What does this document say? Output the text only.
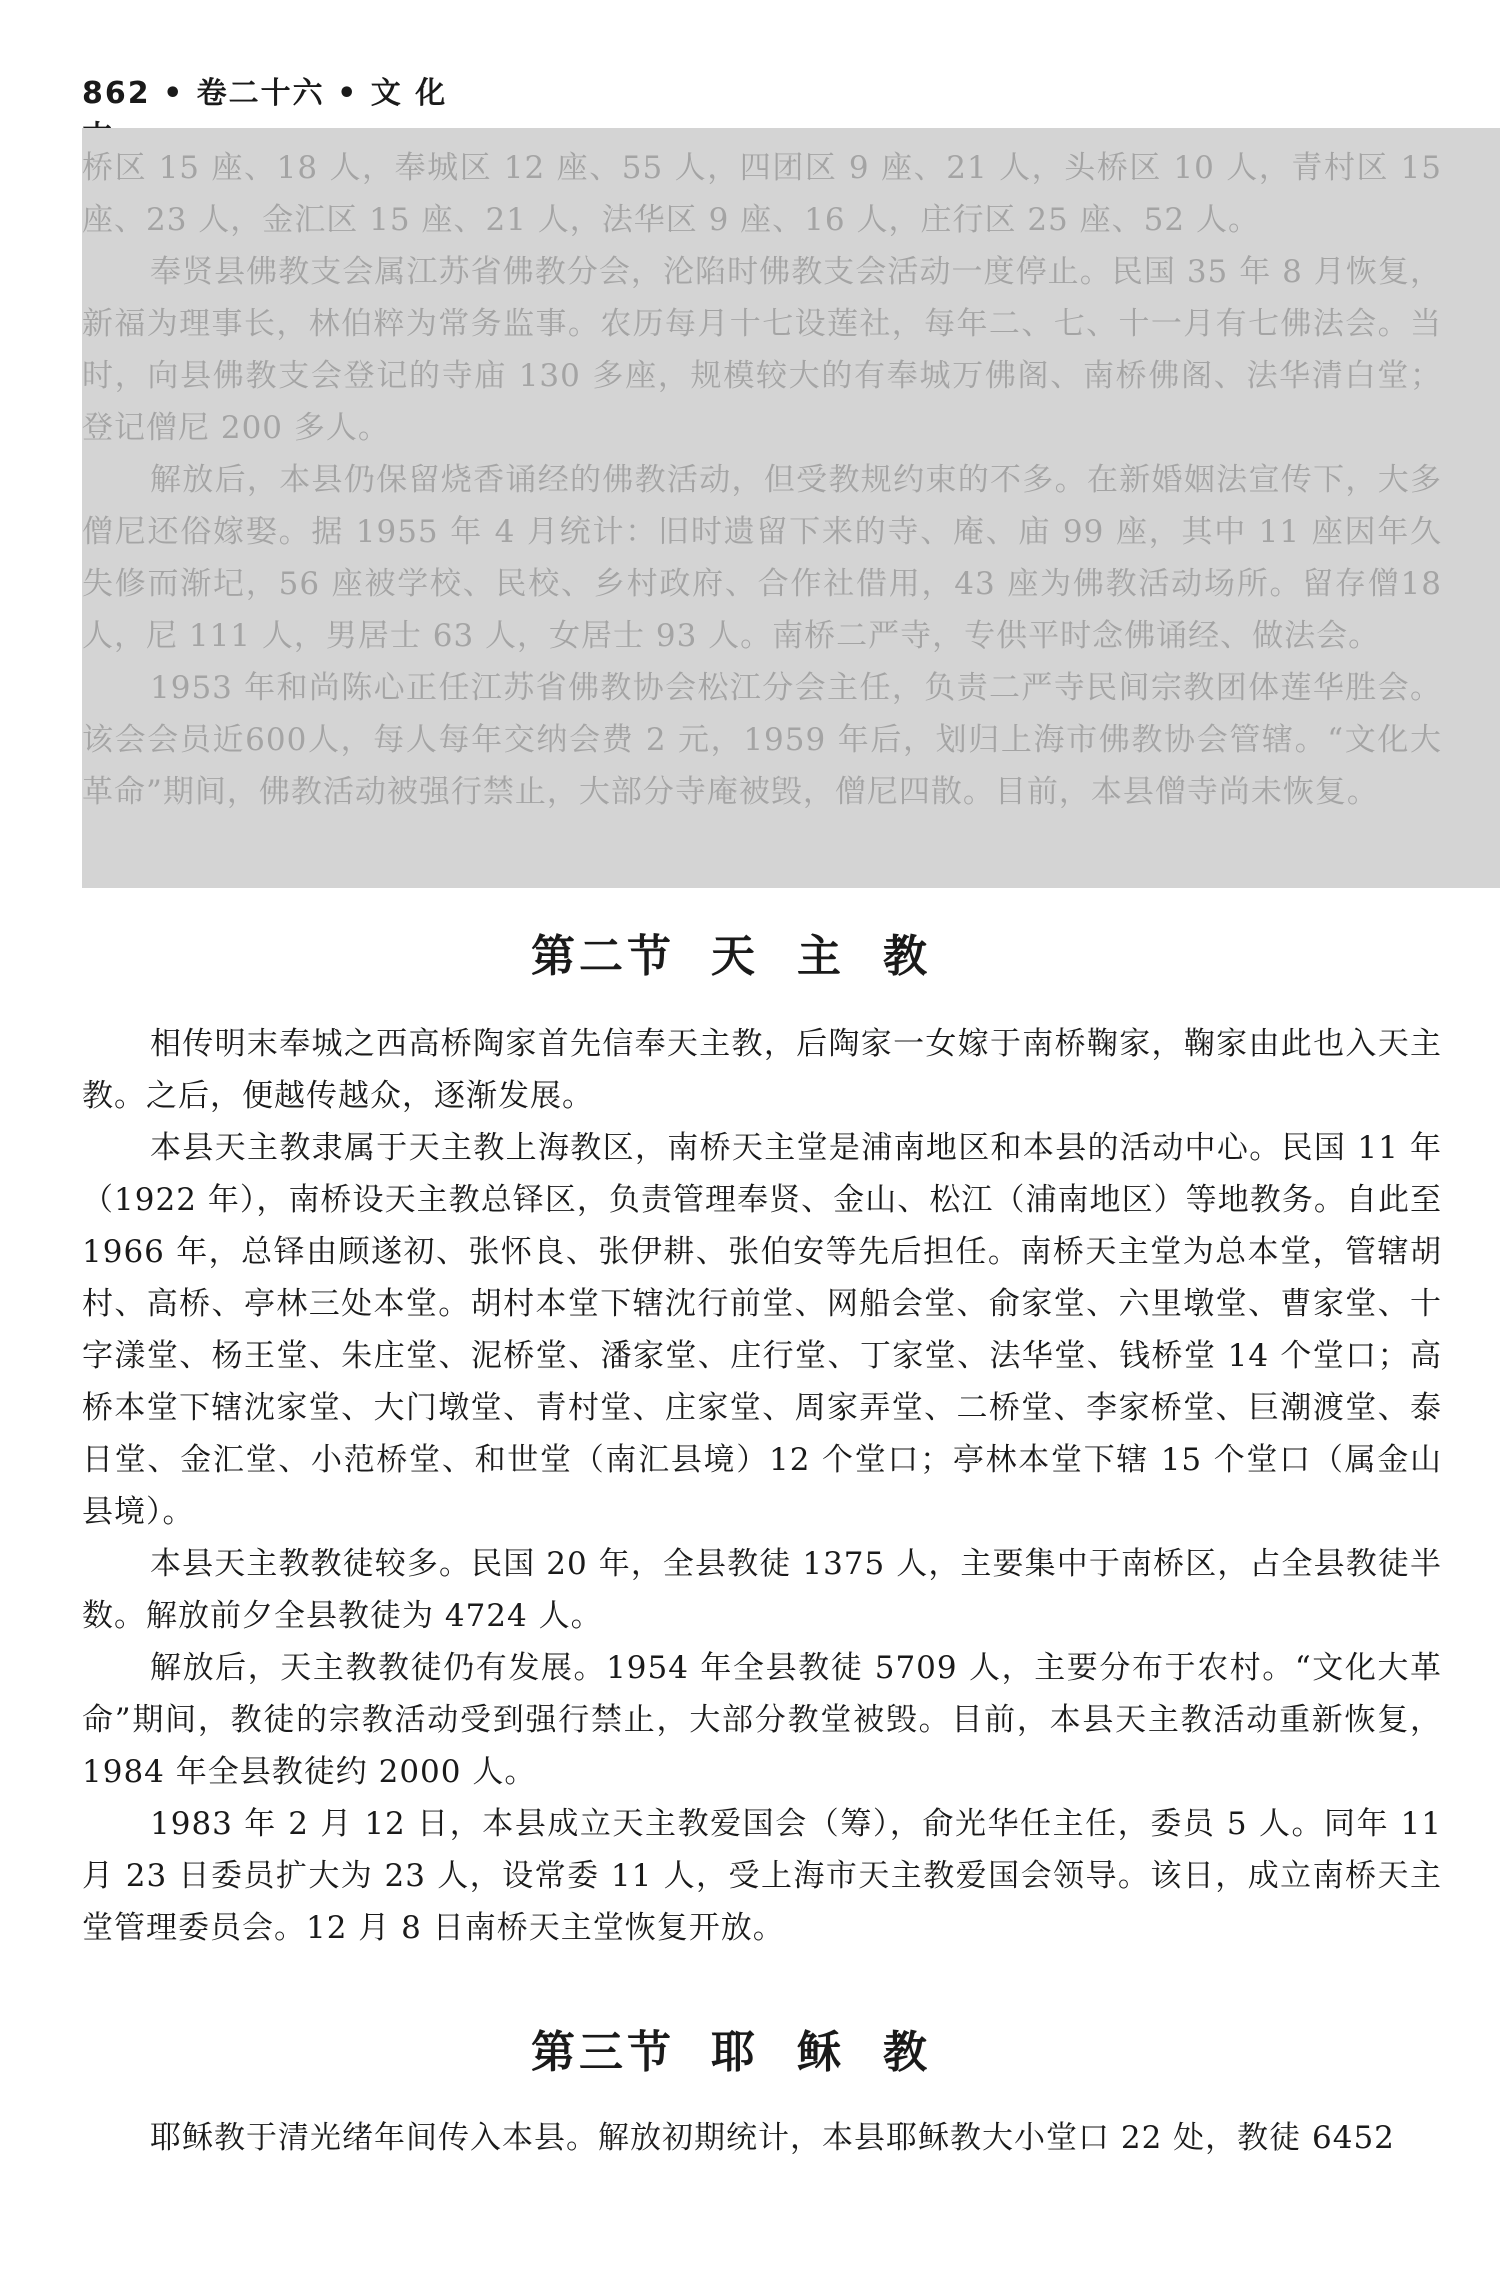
862 • 卷二十六 • 文 化

桥区 15 座、18 人，奉城区 12 座、55 人，四团区 9 座、21 人，头桥区 10 人，青村区 15 座、23 人，金汇区 15 座、21 人，法华区 9 座、16 人，庄行区 25 座、52 人。

奉贤县佛教支会属江苏省佛教分会，沦陷时佛教支会活动一度停止。民国 35 年 8 月恢复，新福为理事长，林伯粹为常务监事。农历每月十七设莲社，每年二、七、十一月有七佛法会。当时，向县佛教支会登记的寺庙 130 多座，规模较大的有奉城万佛阁、南桥佛阁、法华清白堂；登记僧尼 200 多人。

解放后，本县仍保留烧香诵经的佛教活动，但受教规约束的不多。在新婚姻法宣传下，大多僧尼还俗嫁娶。据 1955 年 4 月统计：旧时遗留下来的寺、庵、庙 99 座，其中 11 座因年久失修而渐圮，56 座被学校、民校、乡村政府、合作社借用，43 座为佛教活动场所。留存僧18 人，尼 111 人，男居士 63 人，女居士 93 人。南桥二严寺，专供平时念佛诵经、做法会。

1953 年和尚陈心正任江苏省佛教协会松江分会主任，负责二严寺民间宗教团体莲华胜会。该会会员近600人，每人每年交纳会费 2 元，1959 年后，划归上海市佛教协会管辖。“文化大革命”期间，佛教活动被强行禁止，大部分寺庵被毁，僧尼四散。目前，本县僧寺尚未恢复。

第二节 天主教

相传明末奉城之西高桥陶家首先信奉天主教，后陶家一女嫁于南桥鞠家，鞠家由此也入天主教。之后，便越传越众，逐渐发展。

本县天主教隶属于天主教上海教区，南桥天主堂是浦南地区和本县的活动中心。民国 11 年（1922 年），南桥设天主教总铎区，负责管理奉贤、金山、松江（浦南地区）等地教务。自此至 1966 年，总铎由顾遂初、张怀良、张伊耕、张伯安等先后担任。南桥天主堂为总本堂，管辖胡村、高桥、亭林三处本堂。胡村本堂下辖沈行前堂、网船会堂、俞家堂、六里墩堂、曹家堂、十字漾堂、杨王堂、朱庄堂、泥桥堂、潘家堂、庄行堂、丁家堂、法华堂、钱桥堂 14 个堂口；高桥本堂下辖沈家堂、大门墩堂、青村堂、庄家堂、周家弄堂、二桥堂、李家桥堂、巨潮渡堂、泰日堂、金汇堂、小范桥堂、和世堂（南汇县境）12 个堂口；亭林本堂下辖 15 个堂口（属金山县境）。

本县天主教教徒较多。民国 20 年，全县教徒 1375 人，主要集中于南桥区，占全县教徒半数。解放前夕全县教徒为 4724 人。

解放后，天主教教徒仍有发展。1954 年全县教徒 5709 人，主要分布于农村。“文化大革命”期间，教徒的宗教活动受到强行禁止，大部分教堂被毁。目前，本县天主教活动重新恢复，1984 年全县教徒约 2000 人。

1983 年 2 月 12 日，本县成立天主教爱国会（筹），俞光华任主任，委员 5 人。同年 11 月 23 日委员扩大为 23 人，设常委 11 人，受上海市天主教爱国会领导。该日，成立南桥天主堂管理委员会。12 月 8 日南桥天主堂恢复开放。

第三节 耶稣教

耶稣教于清光绪年间传入本县。解放初期统计，本县耶稣教大小堂口 22 处，教徒 6452
